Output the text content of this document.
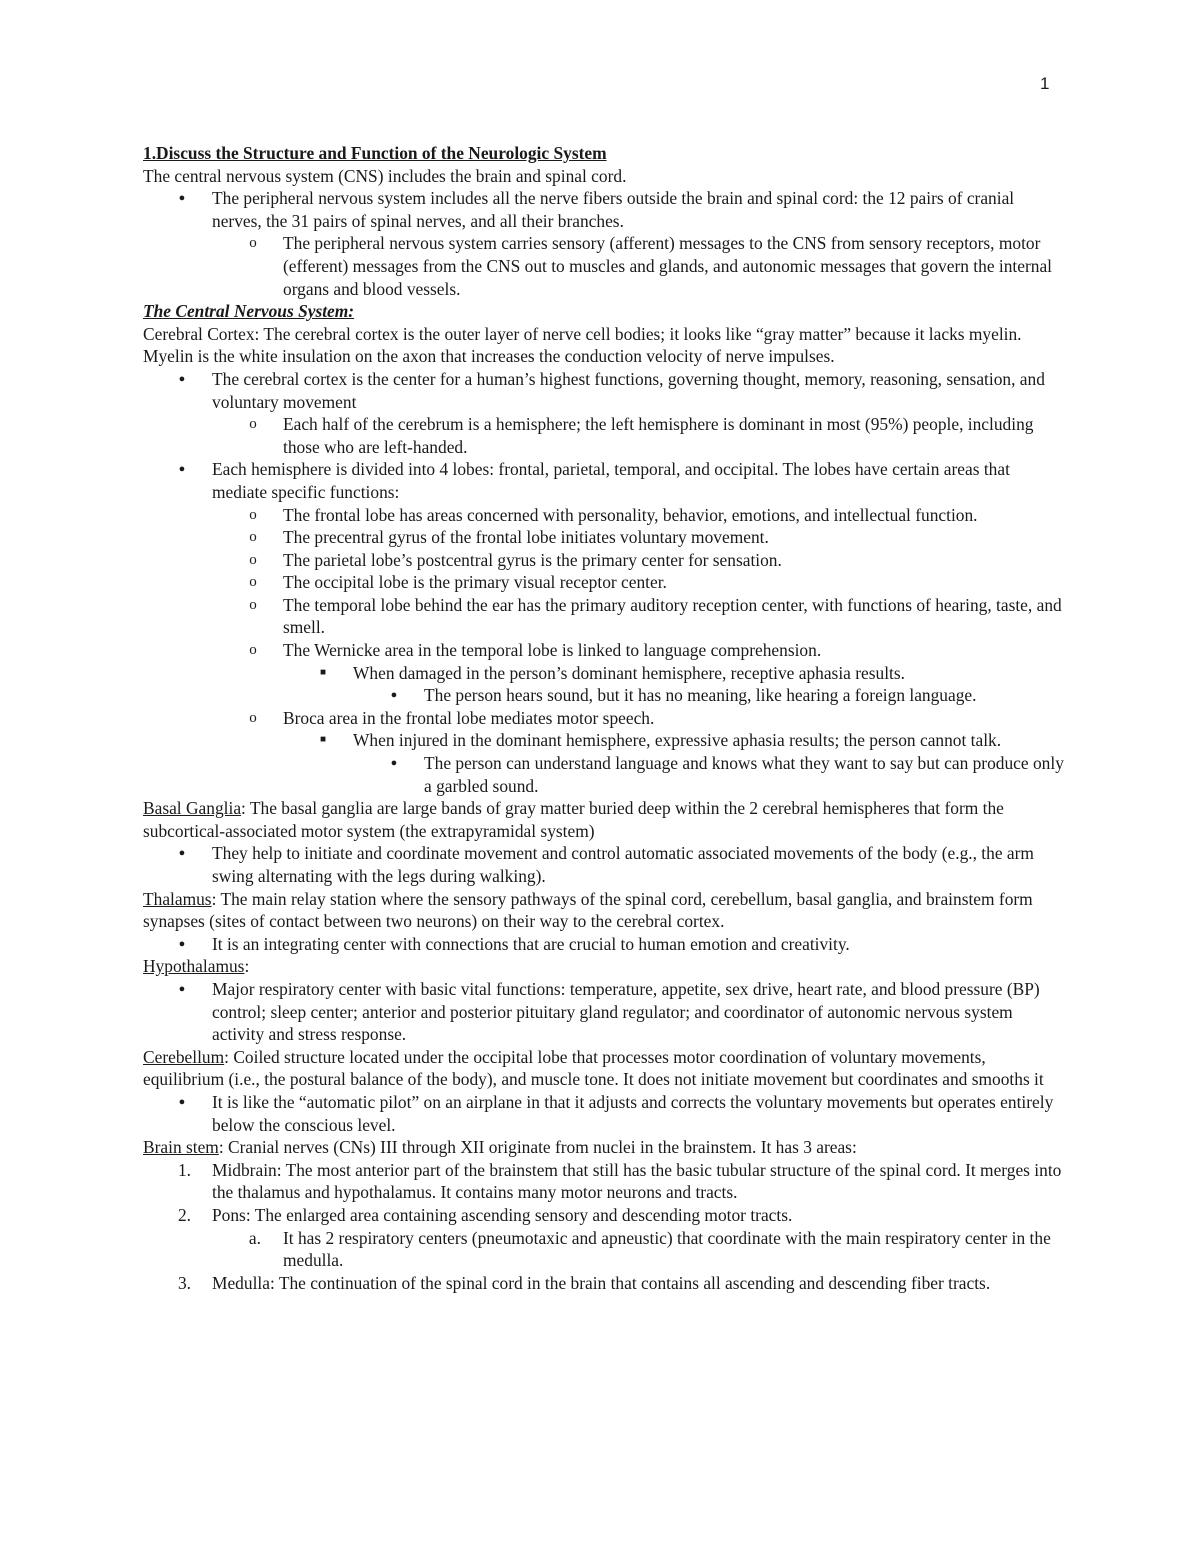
1
1.Discuss the Structure and Function of the Neurologic System
The central nervous system (CNS) includes the brain and spinal cord.
●	The peripheral nervous system includes all the nerve fibers outside the brain and spinal cord: the 12 pairs of cranial nerves, the 31 pairs of spinal nerves, and all their branches.
o	The peripheral nervous system carries sensory (afferent) messages to the CNS from sensory receptors, motor (efferent) messages from the CNS out to muscles and glands, and autonomic messages that govern the internal organs and blood vessels.
The Central Nervous System:
Cerebral Cortex: The cerebral cortex is the outer layer of nerve cell bodies; it looks like “gray matter” because it lacks myelin. Myelin is the white insulation on the axon that increases the conduction velocity of nerve impulses.
●	The cerebral cortex is the center for a human’s highest functions, governing thought, memory, reasoning, sensation, and voluntary movement
o	Each half of the cerebrum is a hemisphere; the left hemisphere is dominant in most (95%) people, including those who are left-handed.
●	Each hemisphere is divided into 4 lobes: frontal, parietal, temporal, and occipital. The lobes have certain areas that mediate specific functions:
o	The frontal lobe has areas concerned with personality, behavior, emotions, and intellectual function.
o	The precentral gyrus of the frontal lobe initiates voluntary movement.
o	The parietal lobe’s postcentral gyrus is the primary center for sensation.
o	The occipital lobe is the primary visual receptor center.
o	The temporal lobe behind the ear has the primary auditory reception center, with functions of hearing, taste, and smell.
o	The Wernicke area in the temporal lobe is linked to language comprehension.
■	When damaged in the person’s dominant hemisphere, receptive aphasia results.
●	The person hears sound, but it has no meaning, like hearing a foreign language.
o	Broca area in the frontal lobe mediates motor speech.
■	When injured in the dominant hemisphere, expressive aphasia results; the person cannot talk.
●	The person can understand language and knows what they want to say but can produce only a garbled sound.
Basal Ganglia: The basal ganglia are large bands of gray matter buried deep within the 2 cerebral hemispheres that form the subcortical-associated motor system (the extrapyramidal system)
●	They help to initiate and coordinate movement and control automatic associated movements of the body (e.g., the arm swing alternating with the legs during walking).
Thalamus: The main relay station where the sensory pathways of the spinal cord, cerebellum, basal ganglia, and brainstem form synapses (sites of contact between two neurons) on their way to the cerebral cortex.
●	It is an integrating center with connections that are crucial to human emotion and creativity.
Hypothalamus:
●	Major respiratory center with basic vital functions: temperature, appetite, sex drive, heart rate, and blood pressure (BP) control; sleep center; anterior and posterior pituitary gland regulator; and coordinator of autonomic nervous system activity and stress response.
Cerebellum: Coiled structure located under the occipital lobe that processes motor coordination of voluntary movements, equilibrium (i.e., the postural balance of the body), and muscle tone. It does not initiate movement but coordinates and smooths it
●	It is like the “automatic pilot” on an airplane in that it adjusts and corrects the voluntary movements but operates entirely below the conscious level.
Brain stem: Cranial nerves (CNs) III through XII originate from nuclei in the brainstem. It has 3 areas:
1. Midbrain: The most anterior part of the brainstem that still has the basic tubular structure of the spinal cord. It merges into the thalamus and hypothalamus. It contains many motor neurons and tracts.
2. Pons: The enlarged area containing ascending sensory and descending motor tracts.
a. It has 2 respiratory centers (pneumotaxic and apneustic) that coordinate with the main respiratory center in the medulla.
3. Medulla: The continuation of the spinal cord in the brain that contains all ascending and descending fiber tracts.
